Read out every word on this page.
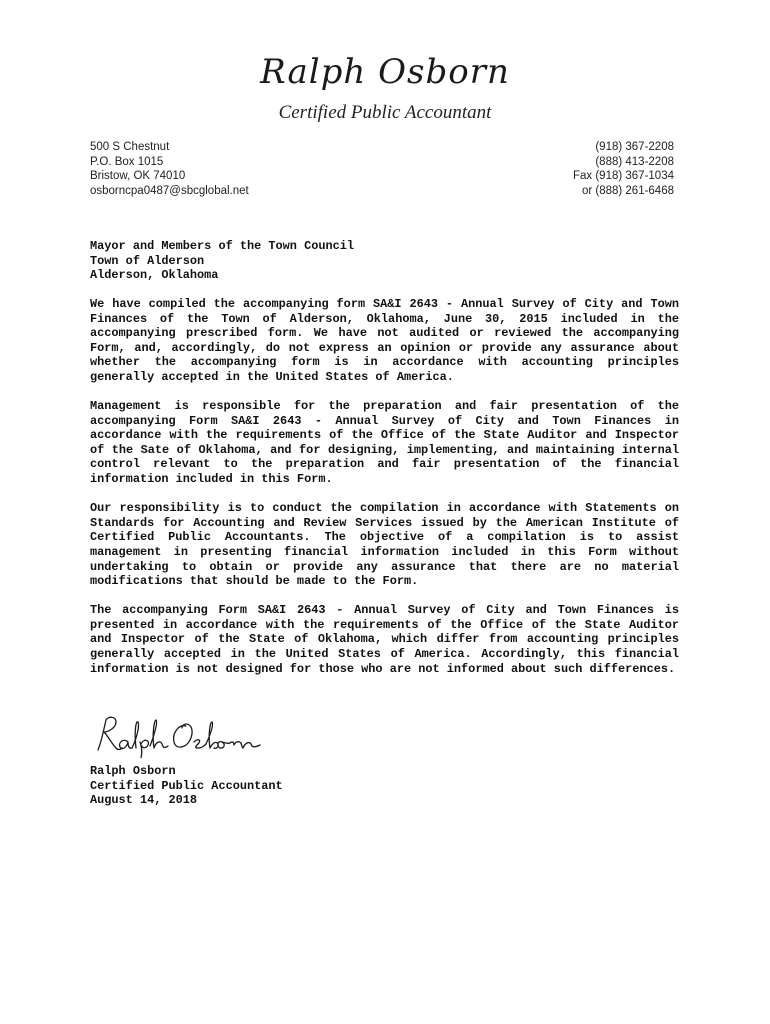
Ralph Osborn
Certified Public Accountant
500 S Chestnut
P.O. Box 1015
Bristow, OK 74010
osborncpa0487@sbcglobal.net
(918) 367-2208
(888) 413-2208
Fax (918) 367-1034
or (888) 261-6468
Mayor and Members of the Town Council
Town of Alderson
Alderson, Oklahoma

We have compiled the accompanying form SA&I 2643 - Annual Survey of City and Town Finances of the Town of Alderson, Oklahoma, June 30, 2015 included in the accompanying prescribed form. We have not audited or reviewed the accompanying Form, and, accordingly, do not express an opinion or provide any assurance about whether the accompanying form is in accordance with accounting principles generally accepted in the United States of America.

Management is responsible for the preparation and fair presentation of the accompanying Form SA&I 2643 - Annual Survey of City and Town Finances in accordance with the requirements of the Office of the State Auditor and Inspector of the Sate of Oklahoma, and for designing, implementing, and maintaining internal control relevant to the preparation and fair presentation of the financial information included in this Form.

Our responsibility is to conduct the compilation in accordance with Statements on Standards for Accounting and Review Services issued by the American Institute of Certified Public Accountants. The objective of a compilation is to assist management in presenting financial information included in this Form without undertaking to obtain or provide any assurance that there are no material modifications that should be made to the Form.

The accompanying Form SA&I 2643 - Annual Survey of City and Town Finances is presented in accordance with the requirements of the Office of the State Auditor and Inspector of the State of Oklahoma, which differ from accounting principles generally accepted in the United States of America. Accordingly, this financial information is not designed for those who are not informed about such differences.

Ralph Osborn
Certified Public Accountant
August 14, 2018
